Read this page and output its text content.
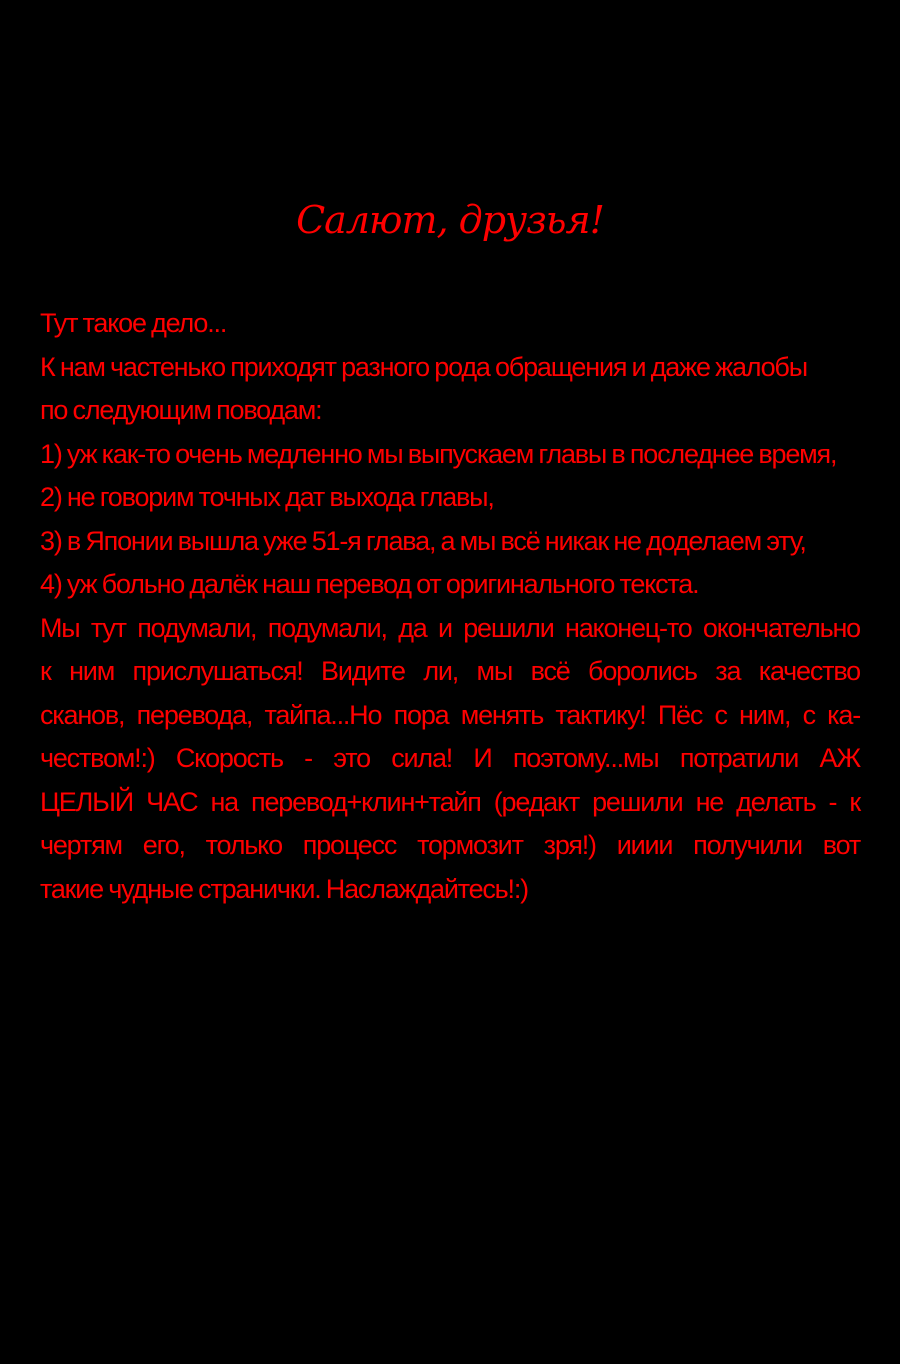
Салют, друзья!
Тут такое дело...
К нам частенько приходят разного рода обращения и даже жалобы
по следующим поводам:
1) уж как-то очень медленно мы выпускаем главы в последнее время,
2) не говорим точных дат выхода главы,
3) в Японии вышла уже 51-я глава, а мы всё никак не доделаем эту,
4) уж больно далёк наш перевод от оригинального текста.
Мы тут подумали, подумали, да и решили наконец-то окончательно
к ним прислушаться! Видите ли, мы всё боролись за качество
сканов, перевода, тайпа...Но пора менять тактику! Пёс с ним, с ка-
чеством!:) Скорость - это сила! И поэтому...мы потратили АЖ
ЦЕЛЫЙ ЧАС на перевод+клин+тайп (редакт решили не делать - к
чертям его, только процесс тормозит зря!) ииии получили вот
такие чудные странички. Наслаждайтесь!:)
